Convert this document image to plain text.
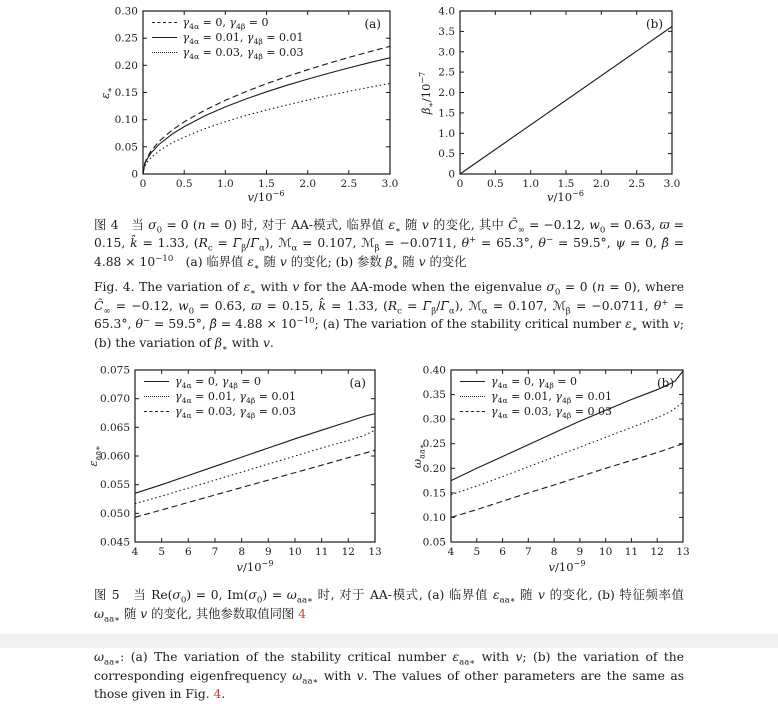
0	0.5 1.0 1.5 2.0 2.5 3.0
0
0.05
0.10
0.15
0.20
0.25
0.30
(a)
$v/10^{-6}$
$\varepsilon_∗$
$\gamma_{4\alpha} = 0$, $\gamma_{4\beta} = 0$
$\gamma_{4\alpha} = 0.01$, $\gamma_{4\beta} = 0.01$
$\gamma_{4\alpha} = 0.03$, $\gamma_{4\beta} = 0.03$
0 0.5 1.0 1.5 2.0 2.5 3.0
0
0.5
1.0
1.5
2.0
2.5
3.0
3.5
4.0
(b)
$v/10^{-6}$
$\beta_∗/10^{-7}$
图 4　当 $\sigma_0 = 0$ (n = 0) 时, 对于 AA-模式, 临界值 $\varepsilon_∗$ 随 v 的变化, 其中 $Ĉ_\infty = -0.12$, $w_0 = 0.63$, ϖ = 0.15, k̂ = 1.33, ($R_c$ = $\Gammā_\beta/\Gammā_\alpha$), ℳ$_\alpha$ = 0.107, ℳ$_\beta$ = −0.0711, θ+ = 65.3°, θ− = 59.5°, ψ = 0, β̂ = $4.88 \times 10^{-10}$　(a) 临界值 $\varepsilon_∗$ 随 v 的变化; (b) 参数 $\beta_∗$ 随 v 的变化
Fig. 4. The variation of $\varepsilon_∗$ with v for the AA-mode when the eigenvalue $\sigma_0 = 0$ (n = 0), where $Ĉ_\infty = -0.12$, $w_0 = 0.63$, ϖ = 0.15, k̂ = 1.33, ($R_c$ = $\Gammā_\beta/\Gammā_\alpha$), ℳ$_\alpha$ = 0.107, ℳ$_\beta$ = −0.0711, θ+ = 65.3°, θ− = 59.5°, β̂ = $4.88 \times 10^{-10}$; (a) The variation of the stability critical number $\varepsilon_∗$ with v; (b) the variation of $\beta_∗$ with v.
4 5 6 7 8 9 10 11 12 13
0.045
0.050
0.055
0.060
0.065
0.070
0.075
(a)
$v/10^{-9}$
$\varepsilon_{aa∗}$
$\gamma_{4\alpha} = 0$, $\gamma_{4\beta} = 0$
$\gamma_{4\alpha} = 0.01$, $\gamma_{4\beta} = 0.01$
$\gamma_{4\alpha} = 0.03$, $\gamma_{4\beta} = 0.03$
4 5 6 7 8 9 10 11 12 13
0.05
0.10
0.15
0.20
0.25
0.30
0.35
0.40
(b)
$v/10^{-9}$
$\omega_{aa∗}$
$\gamma_{4\alpha} = 0$, $\gamma_{4\beta} = 0$
$\gamma_{4\alpha} = 0.01$, $\gamma_{4\beta} = 0.01$
$\gamma_{4\alpha} = 0.03$, $\gamma_{4\beta} = 0.03$
图 5　当 $Re(\sigma_0) = 0$, $Im(\sigma_0) = \omega_{aa∗}$ 时, 对于 AA-模式, (a) 临界值 $\varepsilon_{aa∗}$ 随 v 的变化, (b) 特征频率值 $\omega_{aa∗}$ 随 v 的变化, 其他参数取值同图 4
$\omega_{aa∗}$: (a) The variation of the stability critical number $\varepsilon_{aa∗}$ with v; (b) the variation of the corresponding eigenfrequency $\omega_{aa∗}$ with v. The values of other parameters are the same as those given in Fig. 4.
